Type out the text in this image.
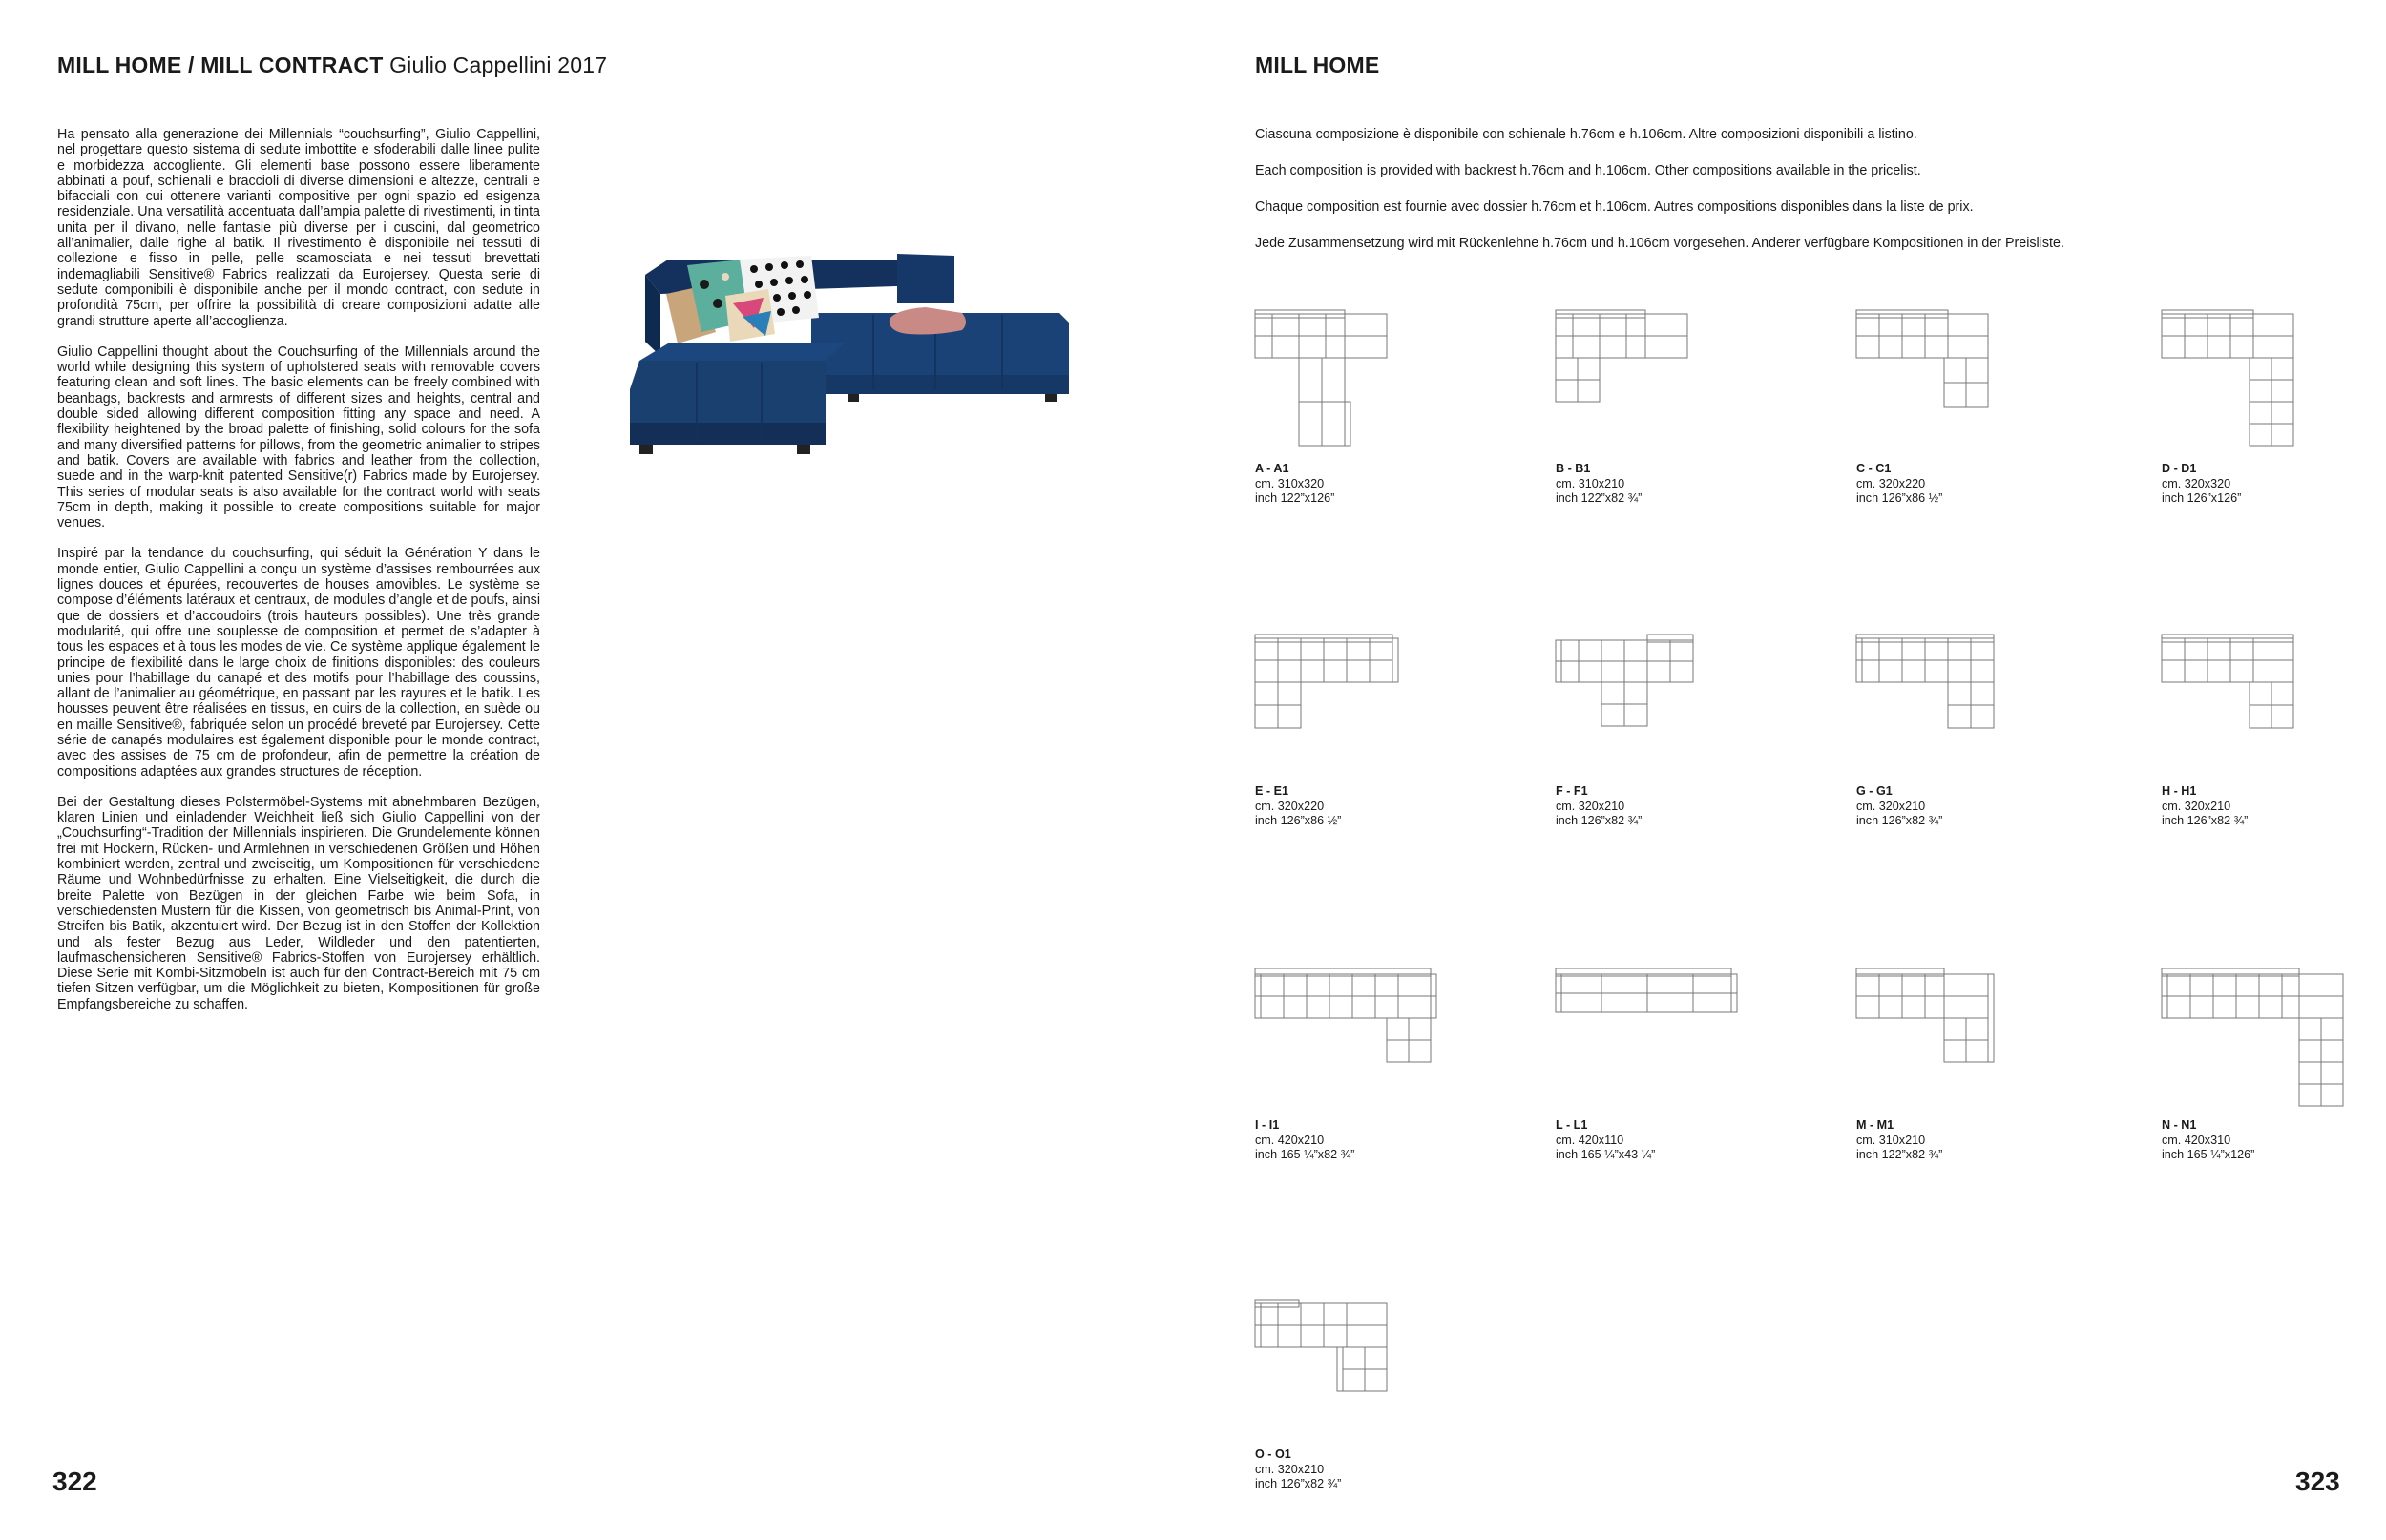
MILL HOME / MILL CONTRACT Giulio Cappellini 2017

Ha pensato alla generazione dei Millennials “couchsurfing”, Giulio Cappellini, nel progettare questo sistema di sedute imbottite e sfoderabili dalle linee pulite e morbidezza accogliente. Gli elementi base possono essere liberamente abbinati a pouf, schienali e braccioli di diverse dimensioni e altezze, centrali e bifacciali con cui ottenere varianti compositive per ogni spazio ed esigenza residenziale. Una versatilità accentuata dall’ampia palette di rivestimenti, in tinta unita per il divano, nelle fantasie più diverse per i cuscini, dal geometrico all’animalier, dalle righe al batik. Il rivestimento è disponibile nei tessuti di collezione e fisso in pelle, pelle scamosciata e nei tessuti brevettati indemagliabili Sensitive® Fabrics realizzati da Eurojersey. Questa serie di sedute componibili è disponibile anche per il mondo contract, con sedute in profondità 75cm, per offrire la possibilità di creare composizioni adatte alle grandi strutture aperte all’accoglienza.

Giulio Cappellini thought about the Couchsurfing of the Millennials around the world while designing this system of upholstered seats with removable covers featuring clean and soft lines. The basic elements can be freely combined with beanbags, backrests and armrests of different sizes and heights, central and double sided allowing different composition fitting any space and need. A flexibility heightened by the broad palette of finishing, solid colours for the sofa and many diversified patterns for pillows, from the geometric animalier to stripes and batik. Covers are available with fabrics and leather from the collection, suede and in the warp-knit patented Sensitive(r) Fabrics made by Eurojersey. This series of modular seats is also available for the contract world with seats 75cm in depth, making it possible to create compositions suitable for major venues.

Inspiré par la tendance du couchsurfing, qui séduit la Génération Y dans le monde entier, Giulio Cappellini a conçu un système d’assises rembourrées aux lignes douces et épurées, recouvertes de houses amovibles. Le système se compose d’éléments latéraux et centraux, de modules d’angle et de poufs, ainsi que de dossiers et d’accoudoirs (trois hauteurs possibles). Une très grande modularité, qui offre une souplesse de composition et permet de s’adapter à tous les espaces et à tous les modes de vie. Ce système applique également le principe de flexibilité dans le large choix de finitions disponibles: des couleurs unies pour l’habillage du canapé et des motifs pour l’habillage des coussins, allant de l’animalier au géométrique, en passant par les rayures et le batik. Les housses peuvent être réalisées en tissus, en cuirs de la collection, en suède ou en maille Sensitive®, fabriquée selon un procédé breveté par Eurojersey. Cette série de canapés modulaires est également disponible pour le monde contract, avec des assises de 75 cm de profondeur, afin de permettre la création de compositions adaptées aux grandes structures de réception.

Bei der Gestaltung dieses Polstermöbel-Systems mit abnehmbaren Bezügen, klaren Linien und einladender Weichheit ließ sich Giulio Cappellini von der „Couchsurfing“-Tradition der Millennials inspirieren. Die Grundelemente können frei mit Hockern, Rücken- und Armlehnen in verschiedenen Größen und Höhen kombiniert werden, zentral und zweiseitig, um Kompositionen für verschiedene Räume und Wohnbedürfnisse zu erhalten. Eine Vielseitigkeit, die durch die breite Palette von Bezügen in der gleichen Farbe wie beim Sofa, in verschiedensten Mustern für die Kissen, von geometrisch bis Animal-Print, von Streifen bis Batik, akzentuiert wird. Der Bezug ist in den Stoffen der Kollektion und als fester Bezug aus Leder, Wildleder und den patentierten, laufmaschensicheren Sensitive® Fabrics-Stoffen von Eurojersey erhältlich. Diese Serie mit Kombi-Sitzmöbeln ist auch für den Contract-Bereich mit 75 cm tiefen Sitzen verfügbar, um die Möglichkeit zu bieten, Kompositionen für große Empfangsbereiche zu schaffen.

322
MILL HOME
Ciascuna composizione è disponibile con schienale h.76cm e h.106cm. Altre composizioni disponibili a listino.
Each composition is provided with backrest h.76cm and h.106cm. Other compositions available in the pricelist.
Chaque composition est fournie avec dossier h.76cm et h.106cm. Autres compositions disponibles dans la liste de prix.
Jede Zusammensetzung wird mit Rückenlehne h.76cm und h.106cm vorgesehen. Anderer verfügbare Kompositionen in der Preisliste.
A - A1
cm. 310x320
inch 122”x126”
B - B1
cm. 310x210
inch 122”x82 ¾”
C - C1
cm. 320x220
inch 126”x86 ½”
D - D1
cm. 320x320
inch 126”x126”
E - E1
cm. 320x220
inch 126”x86 ½”
F - F1
cm. 320x210
inch 126”x82 ¾”
G - G1
cm. 320x210
inch 126”x82 ¾”
H - H1
cm. 320x210
inch 126”x82 ¾”
I - I1
cm. 420x210
inch 165 ¼”x82 ¾”
L - L1
cm. 420x110
inch 165 ¼”x43 ¼”
M - M1
cm. 310x210
inch 122”x82 ¾”
N - N1
cm. 420x310
inch 165 ¼”x126”
O - O1
cm. 320x210
inch 126”x82 ¾”	323
